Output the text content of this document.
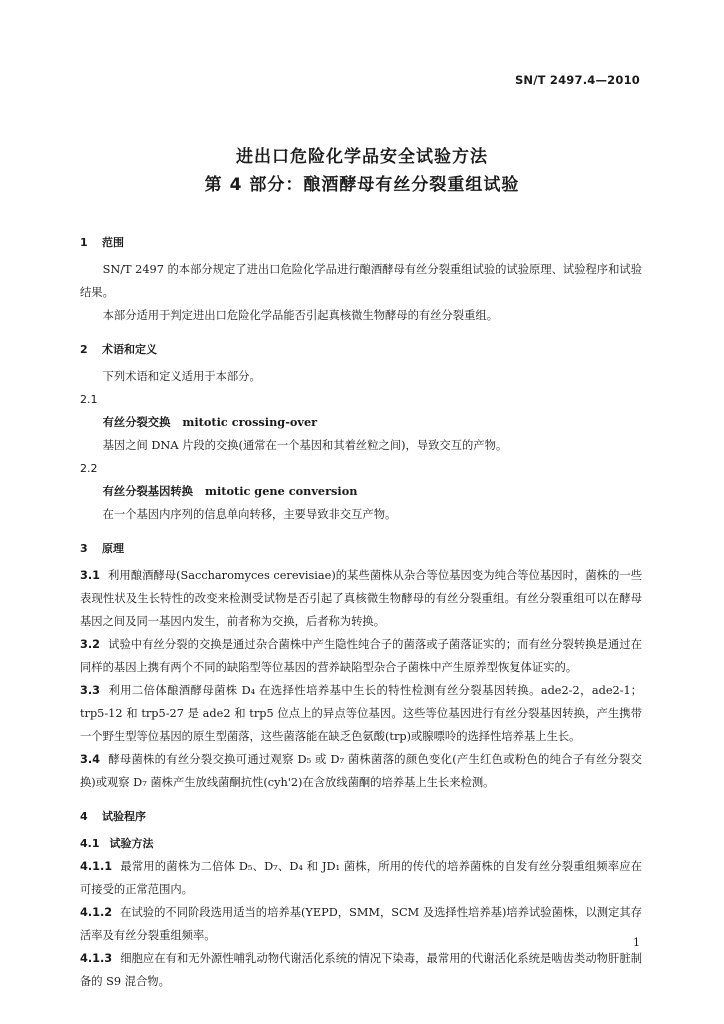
SN/T 2497.4—2010
进出口危险化学品安全试验方法
第 4 部分：酿酒酵母有丝分裂重组试验
1 范围

SN/T 2497 的本部分规定了进出口危险化学品进行酿酒酵母有丝分裂重组试验的试验原理、试验程序和试验结果。

本部分适用于判定进出口危险化学品能否引起真核微生物酵母的有丝分裂重组。

2 术语和定义

下列术语和定义适用于本部分。

2.1

有丝分裂交换 mitotic crossing-over

基因之间 DNA 片段的交换(通常在一个基因和其着丝粒之间)，导致交互的产物。

2.2

有丝分裂基因转换 mitotic gene conversion

在一个基因内序列的信息单向转移，主要导致非交互产物。

3 原理

3.1 利用酿酒酵母(Saccharomyces cerevisiae)的某些菌株从杂合等位基因变为纯合等位基因时，菌株的一些表现性状及生长特性的改变来检测受试物是否引起了真核微生物酵母的有丝分裂重组。有丝分裂重组可以在酵母基因之间及同一基因内发生，前者称为交换，后者称为转换。

3.2 试验中有丝分裂的交换是通过杂合菌株中产生隐性纯合子的菌落或子菌落证实的；而有丝分裂转换是通过在同样的基因上携有两个不同的缺陷型等位基因的营养缺陷型杂合子菌株中产生原养型恢复体证实的。

3.3 利用二倍体酿酒酵母菌株 D₄ 在选择性培养基中生长的特性检测有丝分裂基因转换。ade2-2，ade2-1；trp5-12 和 trp5-27 是 ade2 和 trp5 位点上的异点等位基因。这些等位基因进行有丝分裂基因转换，产生携带一个野生型等位基因的原生型菌落，这些菌落能在缺乏色氨酸(trp)或腺嘌呤的选择性培养基上生长。

3.4 酵母菌株的有丝分裂交换可通过观察 D₅ 或 D₇ 菌株菌落的颜色变化(产生红色或粉色的纯合子有丝分裂交换)或观察 D₇ 菌株产生放线菌酮抗性(cyh'2)在含放线菌酮的培养基上生长来检测。

4 试验程序

4.1 试验方法

4.1.1 最常用的菌株为二倍体 D₅、D₇、D₄ 和 JD₁ 菌株，所用的传代的培养菌株的自发有丝分裂重组频率应在可接受的正常范围内。

4.1.2 在试验的不同阶段选用适当的培养基(YEPD，SMM，SCM 及选择性培养基)培养试验菌株，以测定其存活率及有丝分裂重组频率。

4.1.3 细胞应在有和无外源性哺乳动物代谢活化系统的情况下染毒，最常用的代谢活化系统是啮齿类动物肝脏制备的 S9 混合物。

1
